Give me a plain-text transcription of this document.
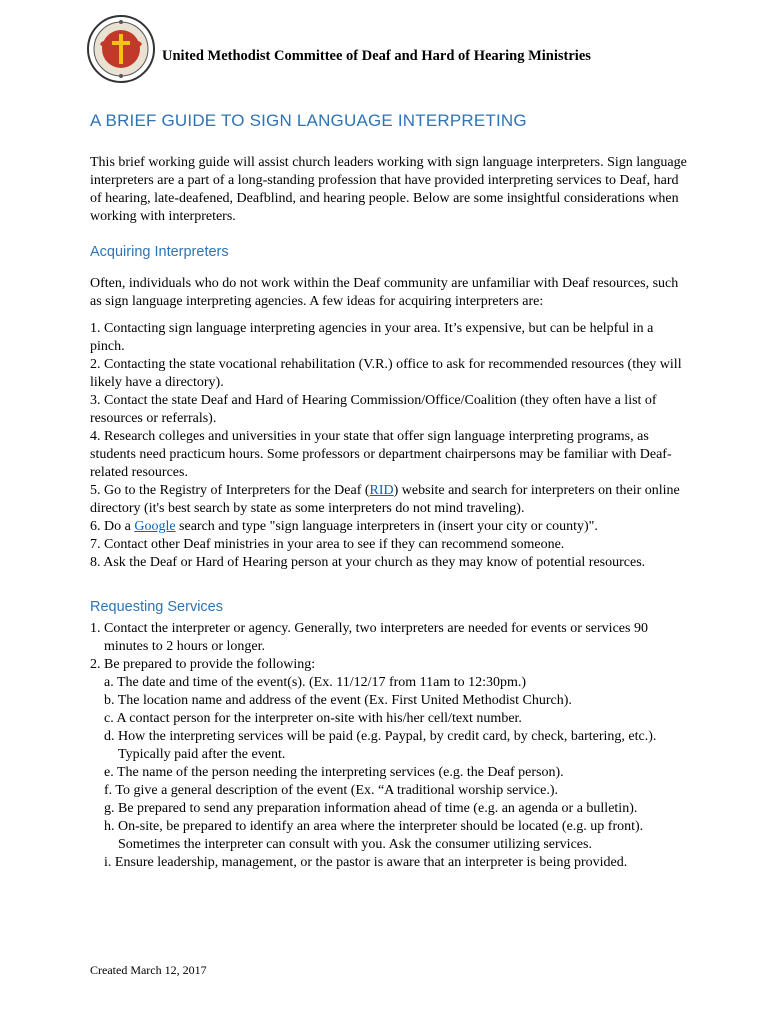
United Methodist Committee of Deaf and Hard of Hearing Ministries
A BRIEF GUIDE TO SIGN LANGUAGE INTERPRETING
This brief working guide will assist church leaders working with sign language interpreters. Sign language interpreters are a part of a long-standing profession that have provided interpreting services to Deaf, hard of hearing, late-deafened, Deafblind, and hearing people. Below are some insightful considerations when working with interpreters.
Acquiring Interpreters
Often, individuals who do not work within the Deaf community are unfamiliar with Deaf resources, such as sign language interpreting agencies. A few ideas for acquiring interpreters are:
1. Contacting sign language interpreting agencies in your area. It’s expensive, but can be helpful in a pinch.
2. Contacting the state vocational rehabilitation (V.R.) office to ask for recommended resources (they will likely have a directory).
3. Contact the state Deaf and Hard of Hearing Commission/Office/Coalition (they often have a list of resources or referrals).
4. Research colleges and universities in your state that offer sign language interpreting programs, as students need practicum hours. Some professors or department chairpersons may be familiar with Deaf-related resources.
5. Go to the Registry of Interpreters for the Deaf (RID) website and search for interpreters on their online directory (it's best search by state as some interpreters do not mind traveling).
6. Do a Google search and type "sign language interpreters in (insert your city or county)".
7. Contact other Deaf ministries in your area to see if they can recommend someone.
8. Ask the Deaf or Hard of Hearing person at your church as they may know of potential resources.
Requesting Services
1. Contact the interpreter or agency. Generally, two interpreters are needed for events or services 90 minutes to 2 hours or longer.
2. Be prepared to provide the following:
a. The date and time of the event(s). (Ex. 11/12/17 from 11am to 12:30pm.)
b. The location name and address of the event (Ex. First United Methodist Church).
c. A contact person for the interpreter on-site with his/her cell/text number.
d. How the interpreting services will be paid (e.g. Paypal, by credit card, by check, bartering, etc.). Typically paid after the event.
e. The name of the person needing the interpreting services (e.g. the Deaf person).
f. To give a general description of the event (Ex. “A traditional worship service.).
g. Be prepared to send any preparation information ahead of time (e.g. an agenda or a bulletin).
h. On-site, be prepared to identify an area where the interpreter should be located (e.g. up front). Sometimes the interpreter can consult with you. Ask the consumer utilizing services.
i. Ensure leadership, management, or the pastor is aware that an interpreter is being provided.
Created March 12, 2017
